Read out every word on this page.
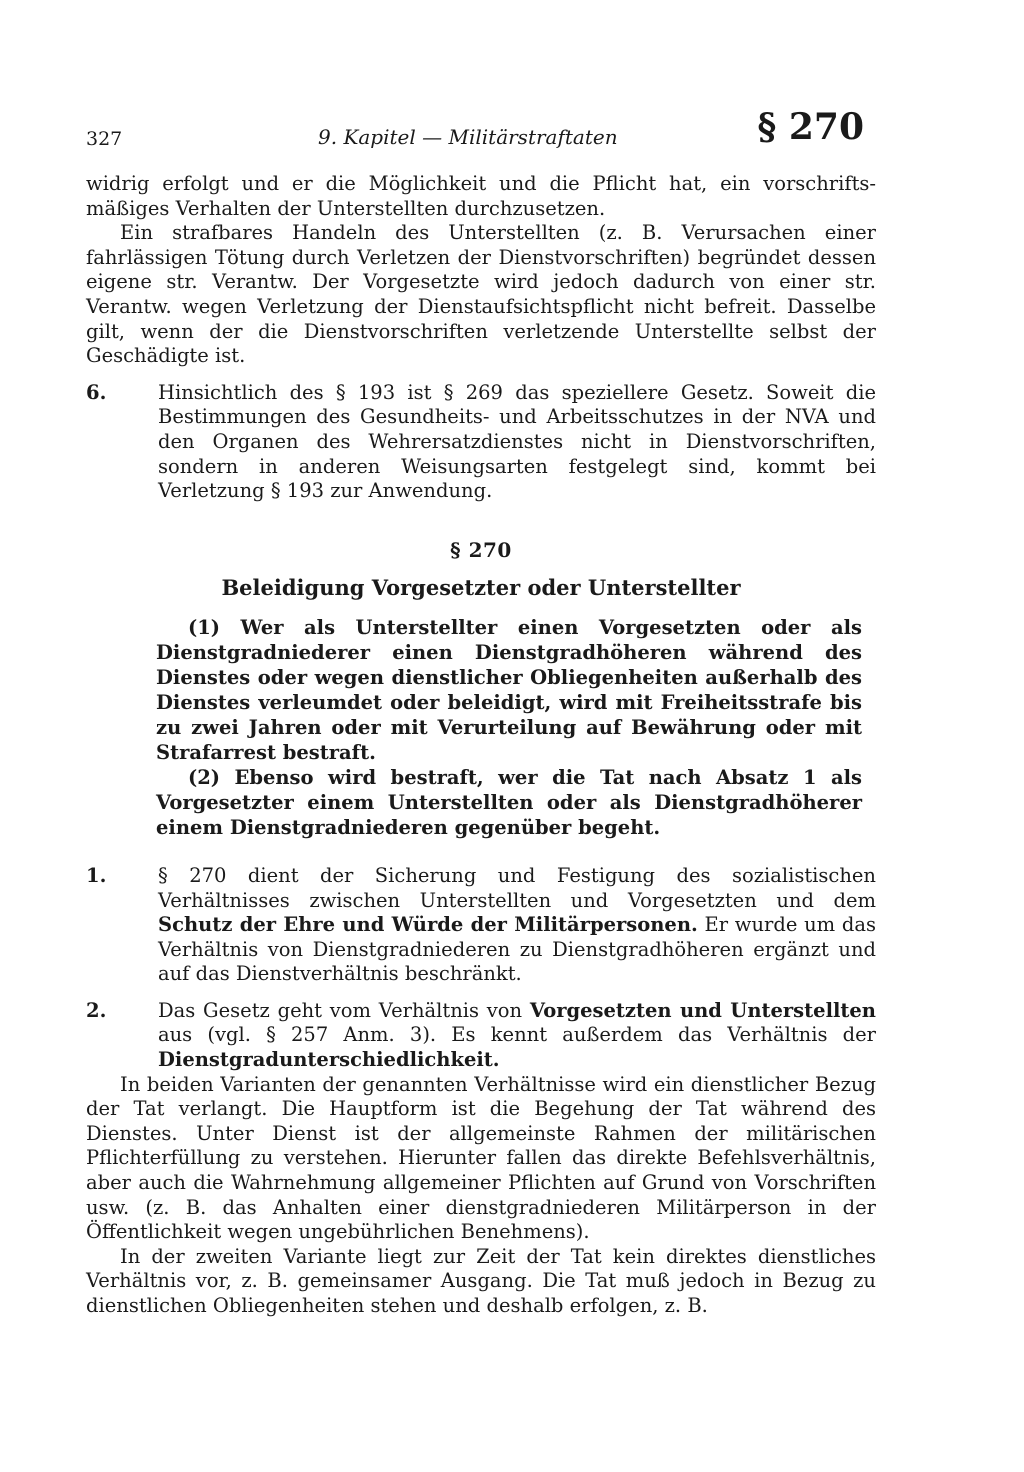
327	9. Kapitel — Militärstraftaten	§ 270

widrig erfolgt und er die Möglichkeit und die Pflicht hat, ein vorschrifts-mäßiges Verhalten der Unterstellten durchzusetzen.

Ein strafbares Handeln des Unterstellten (z. B. Verursachen einer fahrlässigen Tötung durch Verletzen der Dienstvorschriften) begründet dessen eigene str. Verantw. Der Vorgesetzte wird jedoch dadurch von einer str. Verantw. wegen Verletzung der Dienstaufsichtspflicht nicht befreit. Dasselbe gilt, wenn der die Dienstvorschriften verletzende Unterstellte selbst der Geschädigte ist.

6.	Hinsichtlich des § 193 ist § 269 das speziellere Gesetz. Soweit die Bestimmungen des Gesundheits- und Arbeitsschutzes in der NVA und den Organen des Wehrersatzdienstes nicht in Dienstvorschriften, sondern in anderen Weisungsarten festgelegt sind, kommt bei Verletzung § 193 zur Anwendung.

§ 270
Beleidigung Vorgesetzter oder Unterstellter

(1) Wer als Unterstellter einen Vorgesetzten oder als Dienstgradniederer einen Dienstgradhöheren während des Dienstes oder wegen dienstlicher Obliegenheiten außerhalb des Dienstes verleumdet oder beleidigt, wird mit Freiheitsstrafe bis zu zwei Jahren oder mit Verurteilung auf Bewährung oder mit Strafarrest bestraft.

(2) Ebenso wird bestraft, wer die Tat nach Absatz 1 als Vorgesetzter einem Unterstellten oder als Dienstgradhöherer einem Dienstgradniederen gegenüber begeht.

1.	§ 270 dient der Sicherung und Festigung des sozialistischen Verhältnisses zwischen Unterstellten und Vorgesetzten und dem Schutz der Ehre und Würde der Militärpersonen. Er wurde um das Verhältnis von Dienstgradniederen zu Dienstgradhöheren ergänzt und auf das Dienstverhältnis beschränkt.

2.	Das Gesetz geht vom Verhältnis von Vorgesetzten und Unterstellten aus (vgl. § 257 Anm. 3). Es kennt außerdem das Verhältnis der Dienstgradunterschiedlichkeit.

In beiden Varianten der genannten Verhältnisse wird ein dienstlicher Bezug der Tat verlangt. Die Hauptform ist die Begehung der Tat während des Dienstes. Unter Dienst ist der allgemeinste Rahmen der militärischen Pflichterfüllung zu verstehen. Hierunter fallen das direkte Befehlsverhältnis, aber auch die Wahrnehmung allgemeiner Pflichten auf Grund von Vorschriften usw. (z. B. das Anhalten einer dienstgradniederen Militärperson in der Öffentlichkeit wegen ungebührlichen Benehmens).

In der zweiten Variante liegt zur Zeit der Tat kein direktes dienstliches Verhältnis vor, z. B. gemeinsamer Ausgang. Die Tat muß jedoch in Bezug zu dienstlichen Obliegenheiten stehen und deshalb erfolgen, z. B.
